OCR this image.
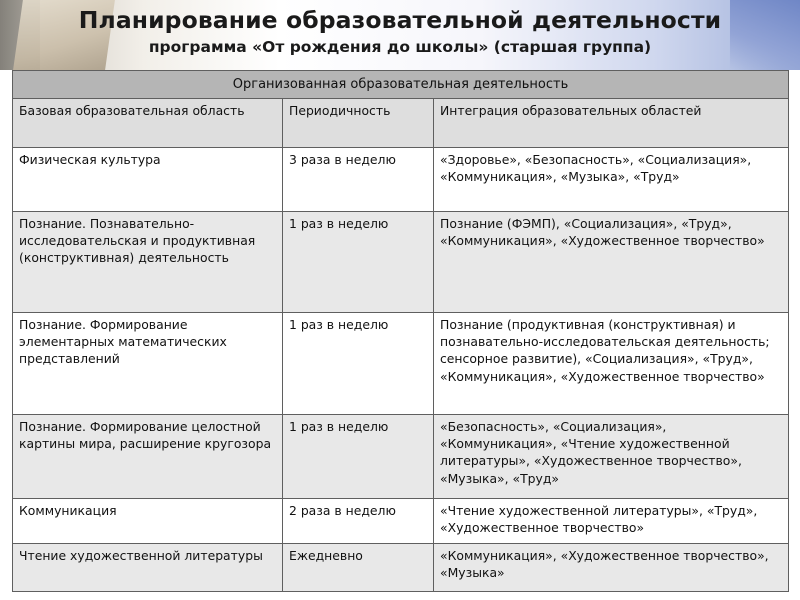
Планирование образовательной деятельности
программа «От рождения до школы» (старшая группа)
Организованная образовательная деятельность		
Базовая образовательная область	Периодичность	Интеграция образовательных областей
Физическая культура	3 раза в неделю	«Здоровье», «Безопасность», «Социализация», «Коммуникация», «Музыка», «Труд»
Познание. Познавательно-исследовательская и продуктивная (конструктивная) деятельность	1 раз в неделю	Познание (ФЭМП), «Социализация», «Труд», «Коммуникация», «Художественное творчество»
Познание. Формирование элементарных математических представлений	1 раз в неделю	Познание (продуктивная (конструктивная) и познавательно-исследовательская деятельность; сенсорное развитие), «Социализация», «Труд», «Коммуникация», «Художественное творчество»
Познание. Формирование целостной картины мира, расширение кругозора	1 раз в неделю	«Безопасность», «Социализация», «Коммуникация», «Чтение художественной литературы», «Художественное творчество», «Музыка», «Труд»
Коммуникация	2 раза в неделю	«Чтение художественной литературы», «Труд», «Художественное творчество»
Чтение художественной литературы	Ежедневно	«Коммуникация», «Художественное творчество», «Музыка»
